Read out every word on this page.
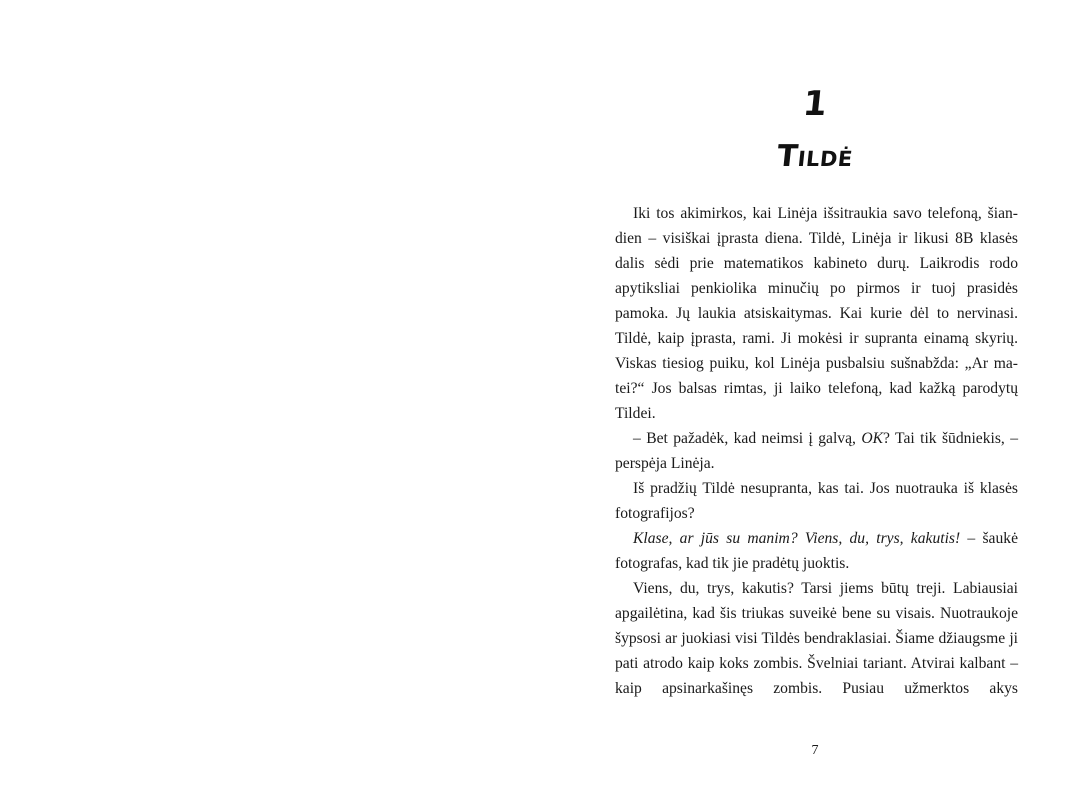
1
Tildė

Iki tos akimirkos, kai Linėja išsitraukia savo telefoną, šiandien – visiškai įprasta diena. Tildė, Linėja ir likusi 8B klasės dalis sėdi prie matematikos kabineto durų. Laikrodis rodo apytiksliai penkiolika minučių po pirmos ir tuoj prasidės pamoka. Jų laukia atsiskaitymas. Kai kurie dėl to nervinasi. Tildė, kaip įprasta, rami. Ji mokėsi ir supranta einamą skyrių. Viskas tiesiog puiku, kol Linėja pusbalsiu sušnabžda: „Ar matei?“ Jos balsas rimtas, ji laiko telefoną, kad kažką parodytų Tildei.

– Bet pažadėk, kad neimsi į galvą, OK? Tai tik šūdniekis, – perspėja Linėja.

Iš pradžių Tildė nesupranta, kas tai. Jos nuotrauka iš klasės fotografijos?

Klase, ar jūs su manim? Viens, du, trys, kakutis! – šaukė fotografas, kad tik jie pradėtų juoktis.

Viens, du, trys, kakutis? Tarsi jiems būtų treji. Labiausiai apgailėtina, kad šis triukas suveikė bene su visais. Nuotraukoje šypsosi ar juokiasi visi Tildės bendraklasiai. Šiame džiaugsme ji pati atrodo kaip koks zombis. Švelniai tariant. Atvirai kalbant – kaip apsinarkašinęs zombis. Pusiau užmerktos akys

7
